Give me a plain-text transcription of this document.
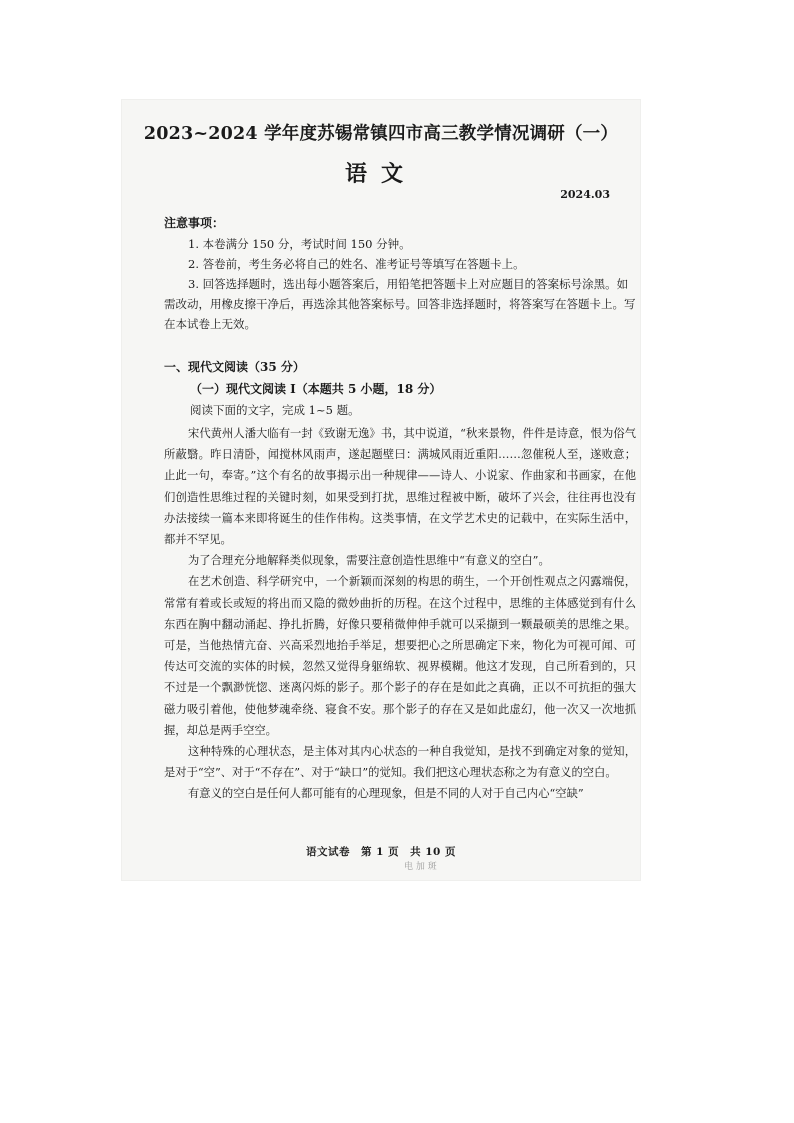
2023~2024 学年度苏锡常镇四市高三教学情况调研（一）
语文
2024.03
注意事项：

1. 本卷满分 150 分，考试时间 150 分钟。

2. 答卷前，考生务必将自己的姓名、准考证号等填写在答题卡上。

3. 回答选择题时，选出每小题答案后，用铅笔把答题卡上对应题目的答案标号涂黑。如需改动，用橡皮擦干净后，再选涂其他答案标号。回答非选择题时，将答案写在答题卡上。写在本试卷上无效。

一、现代文阅读（35 分）
（一）现代文阅读 I（本题共 5 小题，18 分）
阅读下面的文字，完成 1~5 题。

宋代黄州人潘大临有一封《致谢无逸》书，其中说道，“秋来景物，件件是诗意，恨为俗气所蔽翳。昨日清卧，闻搅林风雨声，遂起题壁曰：满城风雨近重阳……忽催税人至，遂败意；止此一句，奉寄。”这个有名的故事揭示出一种规律——诗人、小说家、作曲家和书画家，在他们创造性思维过程的关键时刻，如果受到打扰，思维过程被中断，破坏了兴会，往往再也没有办法接续一篇本来即将诞生的佳作伟构。这类事情，在文学艺术史的记载中，在实际生活中，都并不罕见。

为了合理充分地解释类似现象，需要注意创造性思维中“有意义的空白”。

在艺术创造、科学研究中，一个新颖而深刻的构思的萌生，一个开创性观点之闪露端倪，常常有着或长或短的将出而又隐的微妙曲折的历程。在这个过程中，思维的主体感觉到有什么东西在胸中翻动涌起、挣扎折腾，好像只要稍微伸伸手就可以采撷到一颗最硕美的思维之果。可是，当他热情亢奋、兴高采烈地抬手举足，想要把心之所思确定下来，物化为可视可闻、可传达可交流的实体的时候，忽然又觉得身躯绵软、视界模糊。他这才发现，自己所看到的，只不过是一个飘渺恍惚、迷离闪烁的影子。那个影子的存在是如此之真确，正以不可抗拒的强大磁力吸引着他，使他梦魂牵绕、寝食不安。那个影子的存在又是如此虚幻，他一次又一次地抓握，却总是两手空空。

这种特殊的心理状态，是主体对其内心状态的一种自我觉知，是找不到确定对象的觉知，是对于“空”、对于“不存在”、对于“缺口”的觉知。我们把这心理状态称之为有意义的空白。

有意义的空白是任何人都可能有的心理现象，但是不同的人对于自己内心“空缺”

语文试卷　第 1 页　共 10 页
电 加 斑
